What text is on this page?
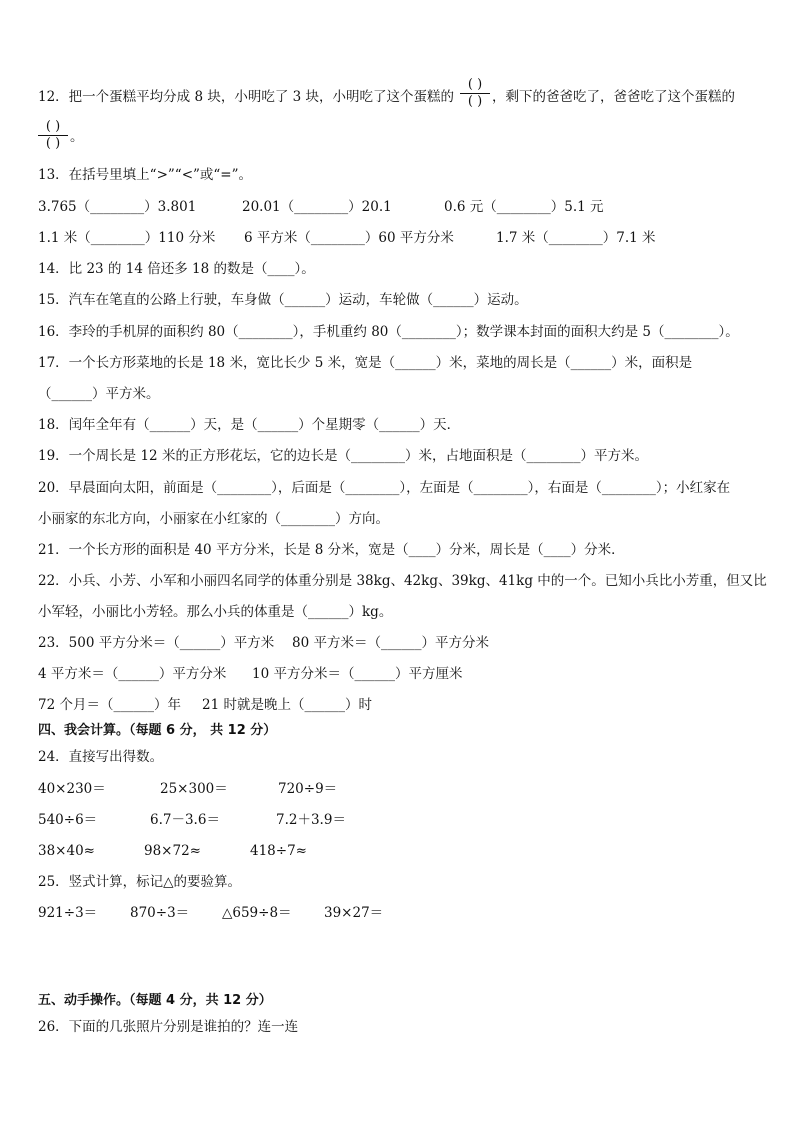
12．把一个蛋糕平均分成 8 块，小明吃了 3 块，小明吃了这个蛋糕的
( )
( ) ，剩下的爸爸吃了，爸爸吃了这个蛋糕的
( )
( ) 。
13．在括号里填上“>”“<”或“=”。
3.765（________）3.801	20.01（________）20.1	0.6 元（________）5.1 元
1.1 米（________）110 分米 6 平方米（________）60 平方分米	1.7 米（________）7.1 米
14．比 23 的 14 倍还多 18 的数是（____）。
15．汽车在笔直的公路上行驶，车身做（______）运动，车轮做（______）运动。
16．李玲的手机屏的面积约 80（________），手机重约 80（________）；数学课本封面的面积大约是 5（________）。
17．一个长方形菜地的长是 18 米，宽比长少 5 米，宽是（______）米，菜地的周长是（______）米，面积是
（______）平方米。
18．闰年全年有（______）天，是（______）个星期零（______）天．
19．一个周长是 12 米的正方形花坛，它的边长是（________）米，占地面积是（________）平方米。
20．早晨面向太阳，前面是（________），后面是（________），左面是（________），右面是（________）；小红家在
小丽家的东北方向，小丽家在小红家的（________）方向。
21．一个长方形的面积是 40 平方分米，长是 8 分米，宽是（____）分米，周长是（____）分米．
22．小兵、小芳、小军和小丽四名同学的体重分别是 38kg、42kg、39kg、41kg 中的一个。已知小兵比小芳重，但又比
小军轻，小丽比小芳轻。那么小兵的体重是（______）kg。
23．500 平方分米＝（______）平方米 80 平方米＝（______）平方分米
4 平方米＝（______）平方分米 10 平方分米＝（______）平方厘米
72 个月＝（______）年 21 时就是晚上（______）时
四、我会计算。（每题 6 分， 共 12 分）
24．直接写出得数。
40×230＝	25×300＝	720÷9＝
540÷6＝	6.7－3.6＝	7.2＋3.9＝
38×40≈	98×72≈	418÷7≈
25．竖式计算，标记△的要验算。
921÷3＝ 870÷3＝ △659÷8＝ 39×27＝
五、动手操作。（每题 4 分，共 12 分）
26．下面的几张照片分别是谁拍的？连一连
